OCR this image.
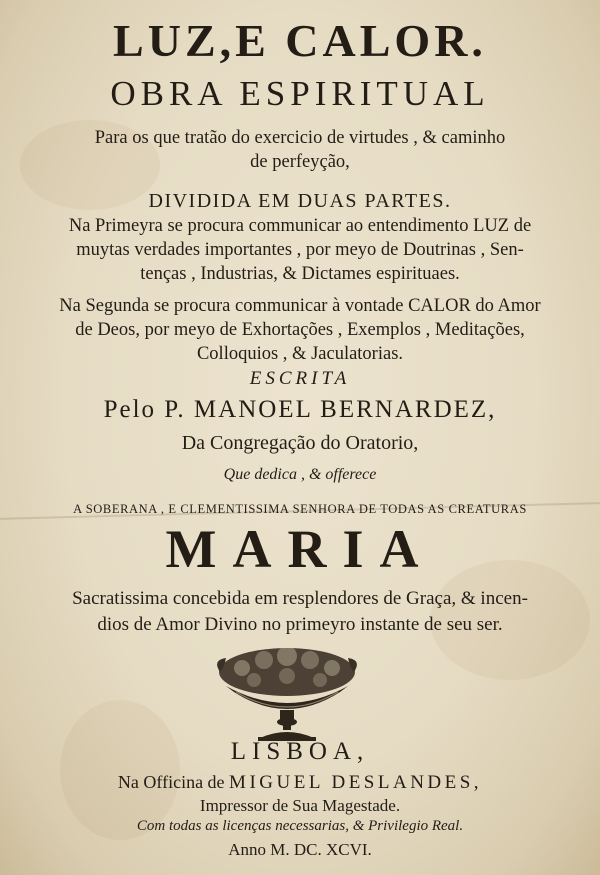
LUZ,E CALOR.
OBRA ESPIRITUAL
Para os que tratão do exercicio de virtudes , & caminho
de perfeyção,
DIVIDIDA EM DUAS PARTES.
Na Primeyra se procura communicar ao entendimento LUZ de
muytas verdades importantes , por meyo de Doutrinas , Sen-
tenças , Industrias, & Dictames espirituaes.
Na Segunda se procura communicar à vontade CALOR do Amor
de Deos, por meyo de Exhortações , Exemplos , Meditações,
Colloquios , & Jaculatorias.
ESCRITA
Pelo P. MANOEL BERNARDEZ,
Da Congregação do Oratorio,
Que dedica , & offerece
A SOBERANA , E CLEMENTISSIMA SENHORA DE TODAS AS CREATURAS
MARIA
Sacratissima concebida em resplendores de Graça, & incen-
dios de Amor Divino no primeyro instante de seu ser.
LISBOA,
Na Officina de MIGUEL DESLANDES,
Impressor de Sua Magestade.
Com todas as licenças necessarias, & Privilegio Real.
Anno M. DC. XCVI.
